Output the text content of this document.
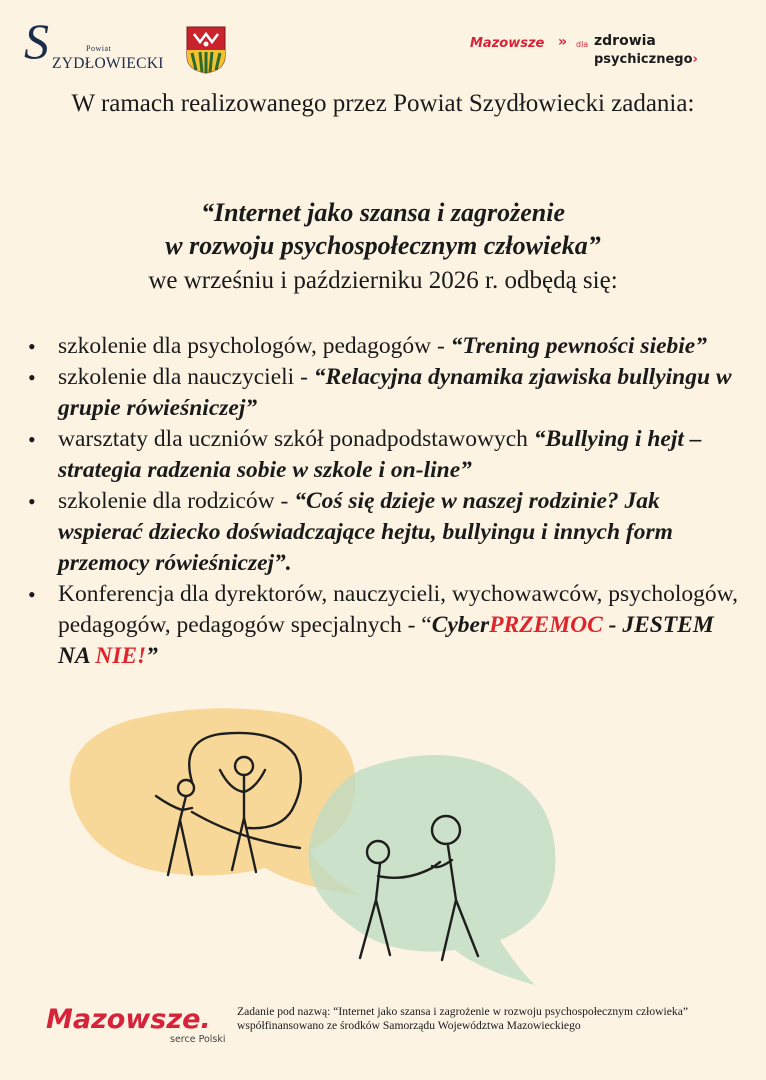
S	Powiat
ZYDŁOWIECKI
Mazowsze » dla zdrowia
psychicznego›
W ramach realizowanego przez Powiat Szydłowiecki zadania:
“Internet jako szansa i zagrożenie
w rozwoju psychospołecznym człowieka”
we wrześniu i październiku 2026 r. odbędą się:
• szkolenie dla psychologów, pedagogów - “Trening pewności siebie”
• szkolenie dla nauczycieli - “Relacyjna dynamika zjawiska bullyingu w grupie rówieśniczej”
• warsztaty dla uczniów szkół ponadpodstawowych “Bullying i hejt – strategia radzenia sobie w szkole i on-line”
• szkolenie dla rodziców - “Coś się dzieje w naszej rodzinie? Jak wspierać dziecko doświadczające hejtu, bullyingu i innych form przemocy rówieśniczej”.
• Konferencja dla dyrektorów, nauczycieli, wychowawców, psychologów, pedagogów, pedagogów specjalnych - “CyberPRZEMOC - JESTEM NA NIE!”
Mazowsze.
serce Polski
Zadanie pod nazwą: “Internet jako szansa i zagrożenie w rozwoju psychospołecznym człowieka” współfinansowano ze środków Samorządu Województwa Mazowieckiego
